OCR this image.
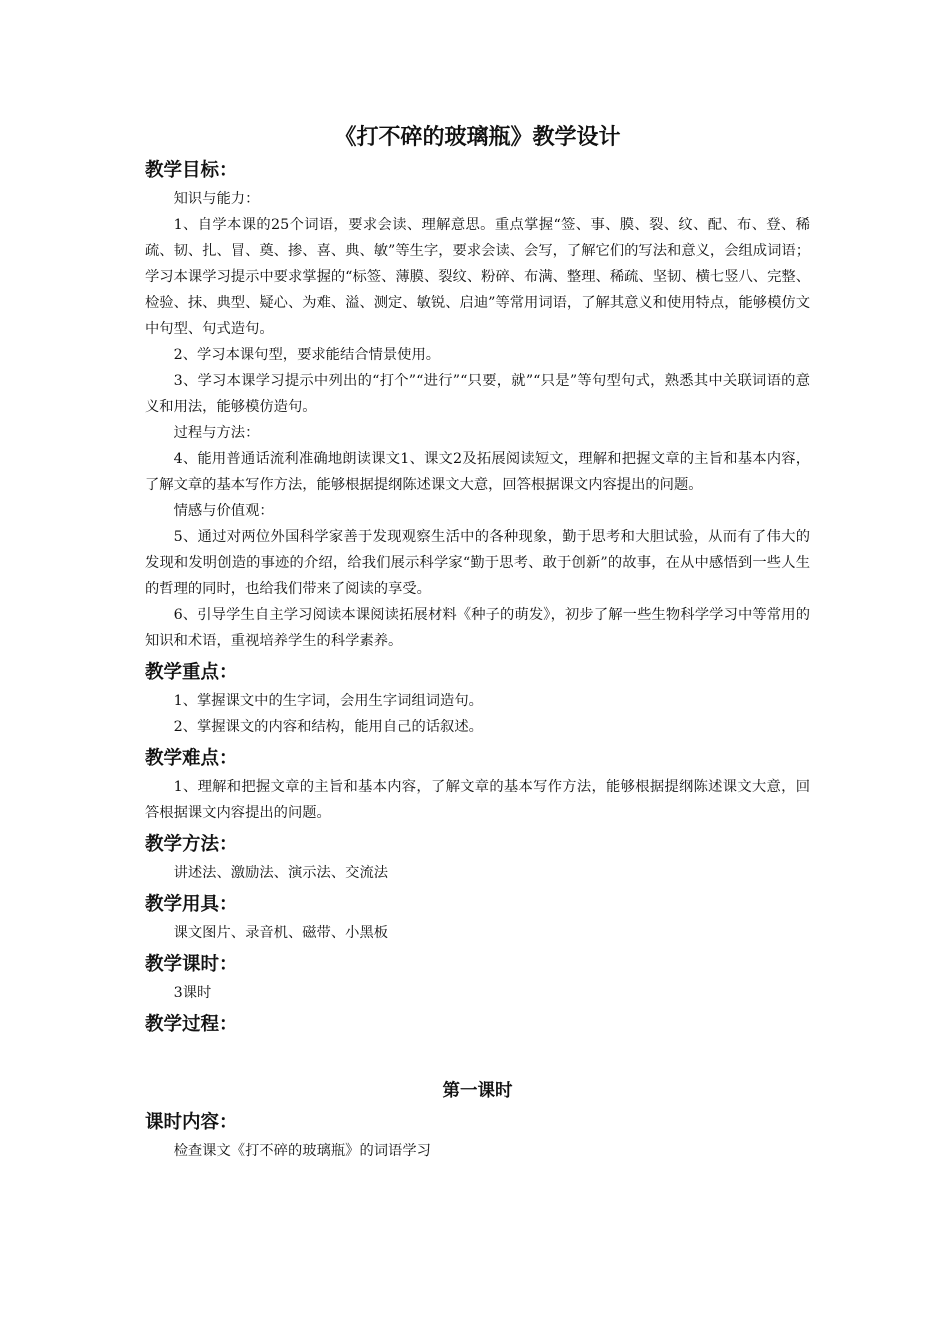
《打不碎的玻璃瓶》教学设计
教学目标：

知识与能力：

1、自学本课的25个词语，要求会读、理解意思。重点掌握“签、事、膜、裂、纹、配、布、登、稀疏、韧、扎、冒、奠、掺、喜、典、敏”等生字，要求会读、会写，了解它们的写法和意义，会组成词语；学习本课学习提示中要求掌握的“标签、薄膜、裂纹、粉碎、布满、整理、稀疏、坚韧、横七竖八、完整、检验、抹、典型、疑心、为难、溢、测定、敏锐、启迪”等常用词语，了解其意义和使用特点，能够模仿文中句型、句式造句。

2、学习本课句型，要求能结合情景使用。

3、学习本课学习提示中列出的“打个”“进行”“只要，就”“只是”等句型句式，熟悉其中关联词语的意义和用法，能够模仿造句。

过程与方法：

4、能用普通话流利准确地朗读课文1、课文2及拓展阅读短文，理解和把握文章的主旨和基本内容，了解文章的基本写作方法，能够根据提纲陈述课文大意，回答根据课文内容提出的问题。

情感与价值观：

5、通过对两位外国科学家善于发现观察生活中的各种现象，勤于思考和大胆试验，从而有了伟大的发现和发明创造的事迹的介绍，给我们展示科学家“勤于思考、敢于创新”的故事，在从中感悟到一些人生的哲理的同时，也给我们带来了阅读的享受。

6、引导学生自主学习阅读本课阅读拓展材料《种子的萌发》，初步了解一些生物科学学习中等常用的知识和术语，重视培养学生的科学素养。

教学重点：

1、掌握课文中的生字词，会用生字词组词造句。

2、掌握课文的内容和结构，能用自己的话叙述。

教学难点：

1、理解和把握文章的主旨和基本内容，了解文章的基本写作方法，能够根据提纲陈述课文大意，回答根据课文内容提出的问题。

教学方法：

讲述法、激励法、演示法、交流法

教学用具：

课文图片、录音机、磁带、小黑板

教学课时：

3课时

教学过程：
第一课时
课时内容：

检查课文《打不碎的玻璃瓶》的词语学习
